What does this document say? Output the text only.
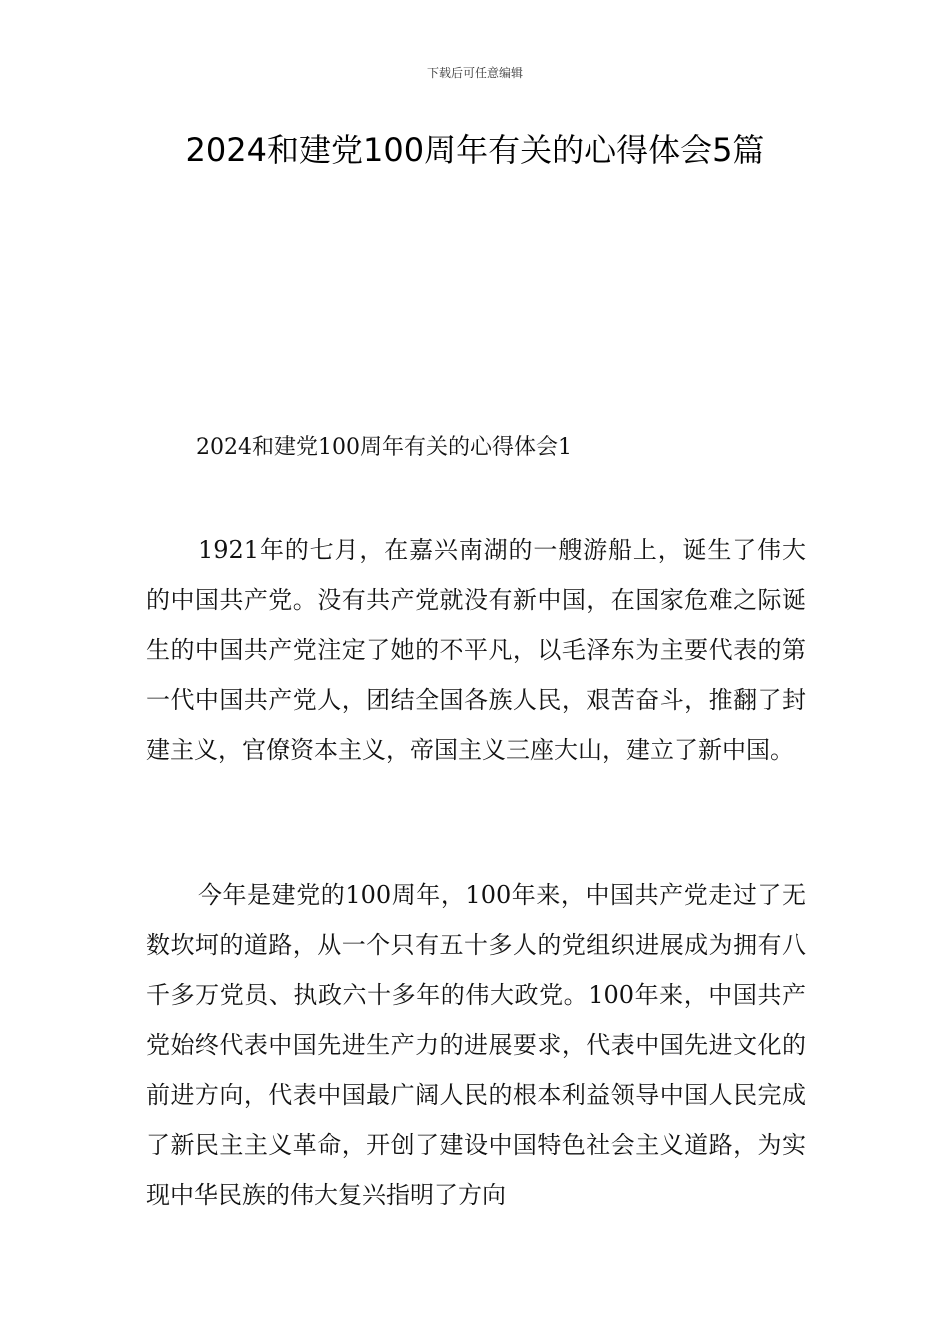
下载后可任意编辑
2024和建党100周年有关的心得体会5篇
2024和建党100周年有关的心得体会1

1921年的七月，在嘉兴南湖的一艘游船上，诞生了伟大的中国共产党。没有共产党就没有新中国，在国家危难之际诞生的中国共产党注定了她的不平凡，以毛泽东为主要代表的第一代中国共产党人，团结全国各族人民，艰苦奋斗，推翻了封建主义，官僚资本主义，帝国主义三座大山，建立了新中国。

今年是建党的100周年，100年来，中国共产党走过了无数坎坷的道路，从一个只有五十多人的党组织进展成为拥有八千多万党员、执政六十多年的伟大政党。100年来，中国共产党始终代表中国先进生产力的进展要求，代表中国先进文化的前进方向，代表中国最广阔人民的根本利益领导中国人民完成了新民主主义革命，开创了建设中国特色社会主义道路，为实现中华民族的伟大复兴指明了方向
